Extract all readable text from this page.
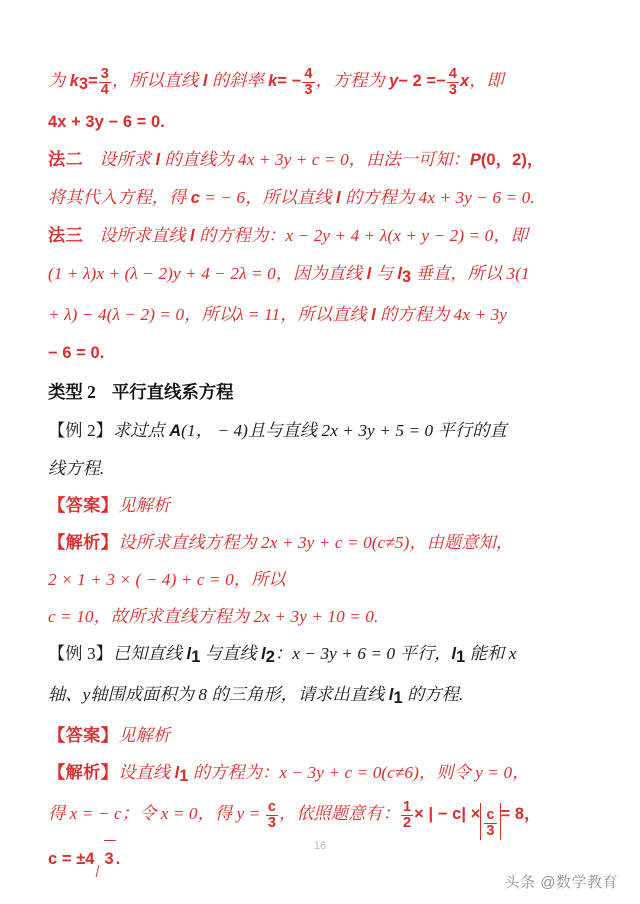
为 $k_3= \frac{3}{4}$ ，所以直线 l 的斜率 $k= - \frac{4}{3}$ ，方程为 $y- 2 =- \frac{4}{3}$ x，即
4x + 3y − 6 = 0.
法二 设所求 l 的直线为 4x + 3y + c = 0，由法一可知：P(0，2)，
将其代入方程，得 c = − 6，所以直线 l 的方程为 4x + 3y − 6 = 0.
法三 设所求直线 l 的方程为：x − 2y + 4 + λ(x + y − 2) = 0，即
(1 + λ)x + (λ − 2)y + 4 − 2λ = 0，因为直线 l 与 $l_3$ 垂直，所以 3(1
+ λ) − 4(λ − 2) = 0，所以λ = 11，所以直线 l 的方程为 4x + 3y
− 6 = 0.
类型 2 平行直线系方程
【例 2】求过点 A(1， − 4)且与直线 2x + 3y + 5 = 0 平行的直
线方程.
【答案】见解析
【解析】设所求直线方程为 2x + 3y + c = 0(c≠5)，由题意知，
2 × 1 + 3 × ( − 4) + c = 0，所以
c = 10，故所求直线方程为 2x + 3y + 10 = 0.
【例 3】已知直线 $l_1$ 与直线 $l_2$：x − 3y + 6 = 0 平行，$l_1$ 能和 x
轴、y轴围成面积为 8 的三角形，请求出直线 $l_1$ 的方程.
【答案】见解析
【解析】设直线 $l_1$ 的方程为：x − 3y + c = 0(c≠6)，则令 y = 0，
得 x = − c；令 x = 0，得 $y = \frac{c}{3}$ ，依照题意有： $\frac{1}{2}$ × | − $c| \times \frac{c}{3} = 8$，
c = ±4 3 .
16
头条 @数学教育
